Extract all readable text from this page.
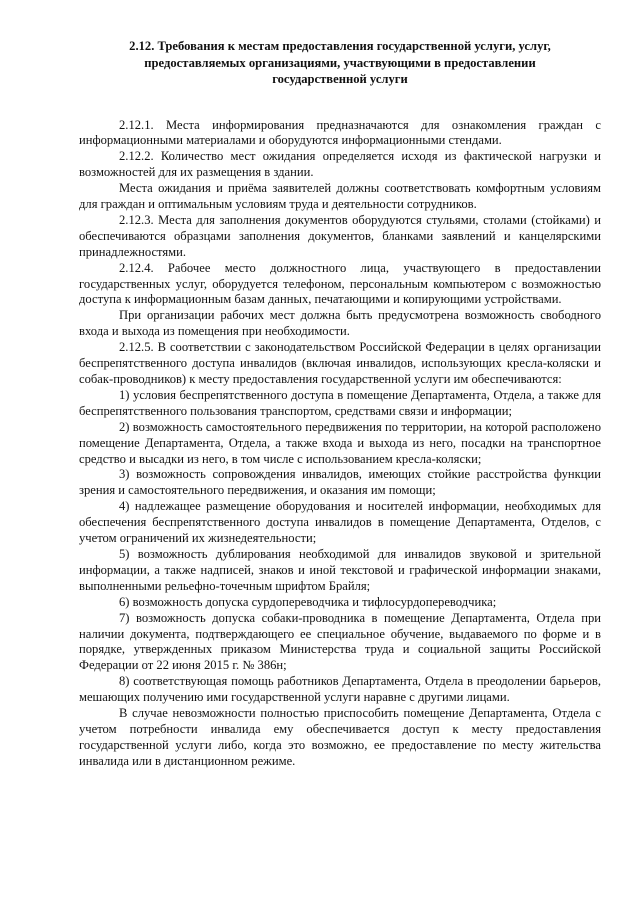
2.12. Требования к местам предоставления государственной услуги, услуг,
предоставляемых организациями, участвующими в предоставлении
государственной услуги

2.12.1. Места информирования предназначаются для ознакомления граждан с информационными материалами и оборудуются информационными стендами.

2.12.2. Количество мест ожидания определяется исходя из фактической нагрузки и возможностей для их размещения в здании.

Места ожидания и приёма заявителей должны соответствовать комфортным условиям для граждан и оптимальным условиям труда и деятельности сотрудников.

2.12.3. Места для заполнения документов оборудуются стульями, столами (стойками) и обеспечиваются образцами заполнения документов, бланками заявлений и канцелярскими принадлежностями.

2.12.4. Рабочее место должностного лица, участвующего в предоставлении государственных услуг, оборудуется телефоном, персональным компьютером с возможностью доступа к информационным базам данных, печатающими и копирующими устройствами.

При организации рабочих мест должна быть предусмотрена возможность свободного входа и выхода из помещения при необходимости.

2.12.5. В соответствии с законодательством Российской Федерации в целях организации беспрепятственного доступа инвалидов (включая инвалидов, использующих кресла-коляски и собак-проводников) к месту предоставления государственной услуги им обеспечиваются:

1) условия беспрепятственного доступа в помещение Департамента, Отдела, а также для беспрепятственного пользования транспортом, средствами связи и информации;

2) возможность самостоятельного передвижения по территории, на которой расположено помещение Департамента, Отдела, а также входа и выхода из него, посадки на транспортное средство и высадки из него, в том числе с использованием кресла-коляски;

3) возможность сопровождения инвалидов, имеющих стойкие расстройства функции зрения и самостоятельного передвижения, и оказания им помощи;

4) надлежащее размещение оборудования и носителей информации, необходимых для обеспечения беспрепятственного доступа инвалидов в помещение Департамента, Отделов, с учетом ограничений их жизнедеятельности;

5) возможность дублирования необходимой для инвалидов звуковой и зрительной информации, а также надписей, знаков и иной текстовой и графической информации знаками, выполненными рельефно-точечным шрифтом Брайля;

6) возможность допуска сурдопереводчика и тифлосурдопереводчика;

7) возможность допуска собаки-проводника в помещение Департамента, Отдела при наличии документа, подтверждающего ее специальное обучение, выдаваемого по форме и в порядке, утвержденных приказом Министерства труда и социальной защиты Российской Федерации от 22 июня 2015 г. № 386н;

8) соответствующая помощь работников Департамента, Отдела в преодолении барьеров, мешающих получению ими государственной услуги наравне с другими лицами.

В случае невозможности полностью приспособить помещение Департамента, Отдела с учетом потребности инвалида ему обеспечивается доступ к месту предоставления государственной услуги либо, когда это возможно, ее предоставление по месту жительства инвалида или в дистанционном режиме.
